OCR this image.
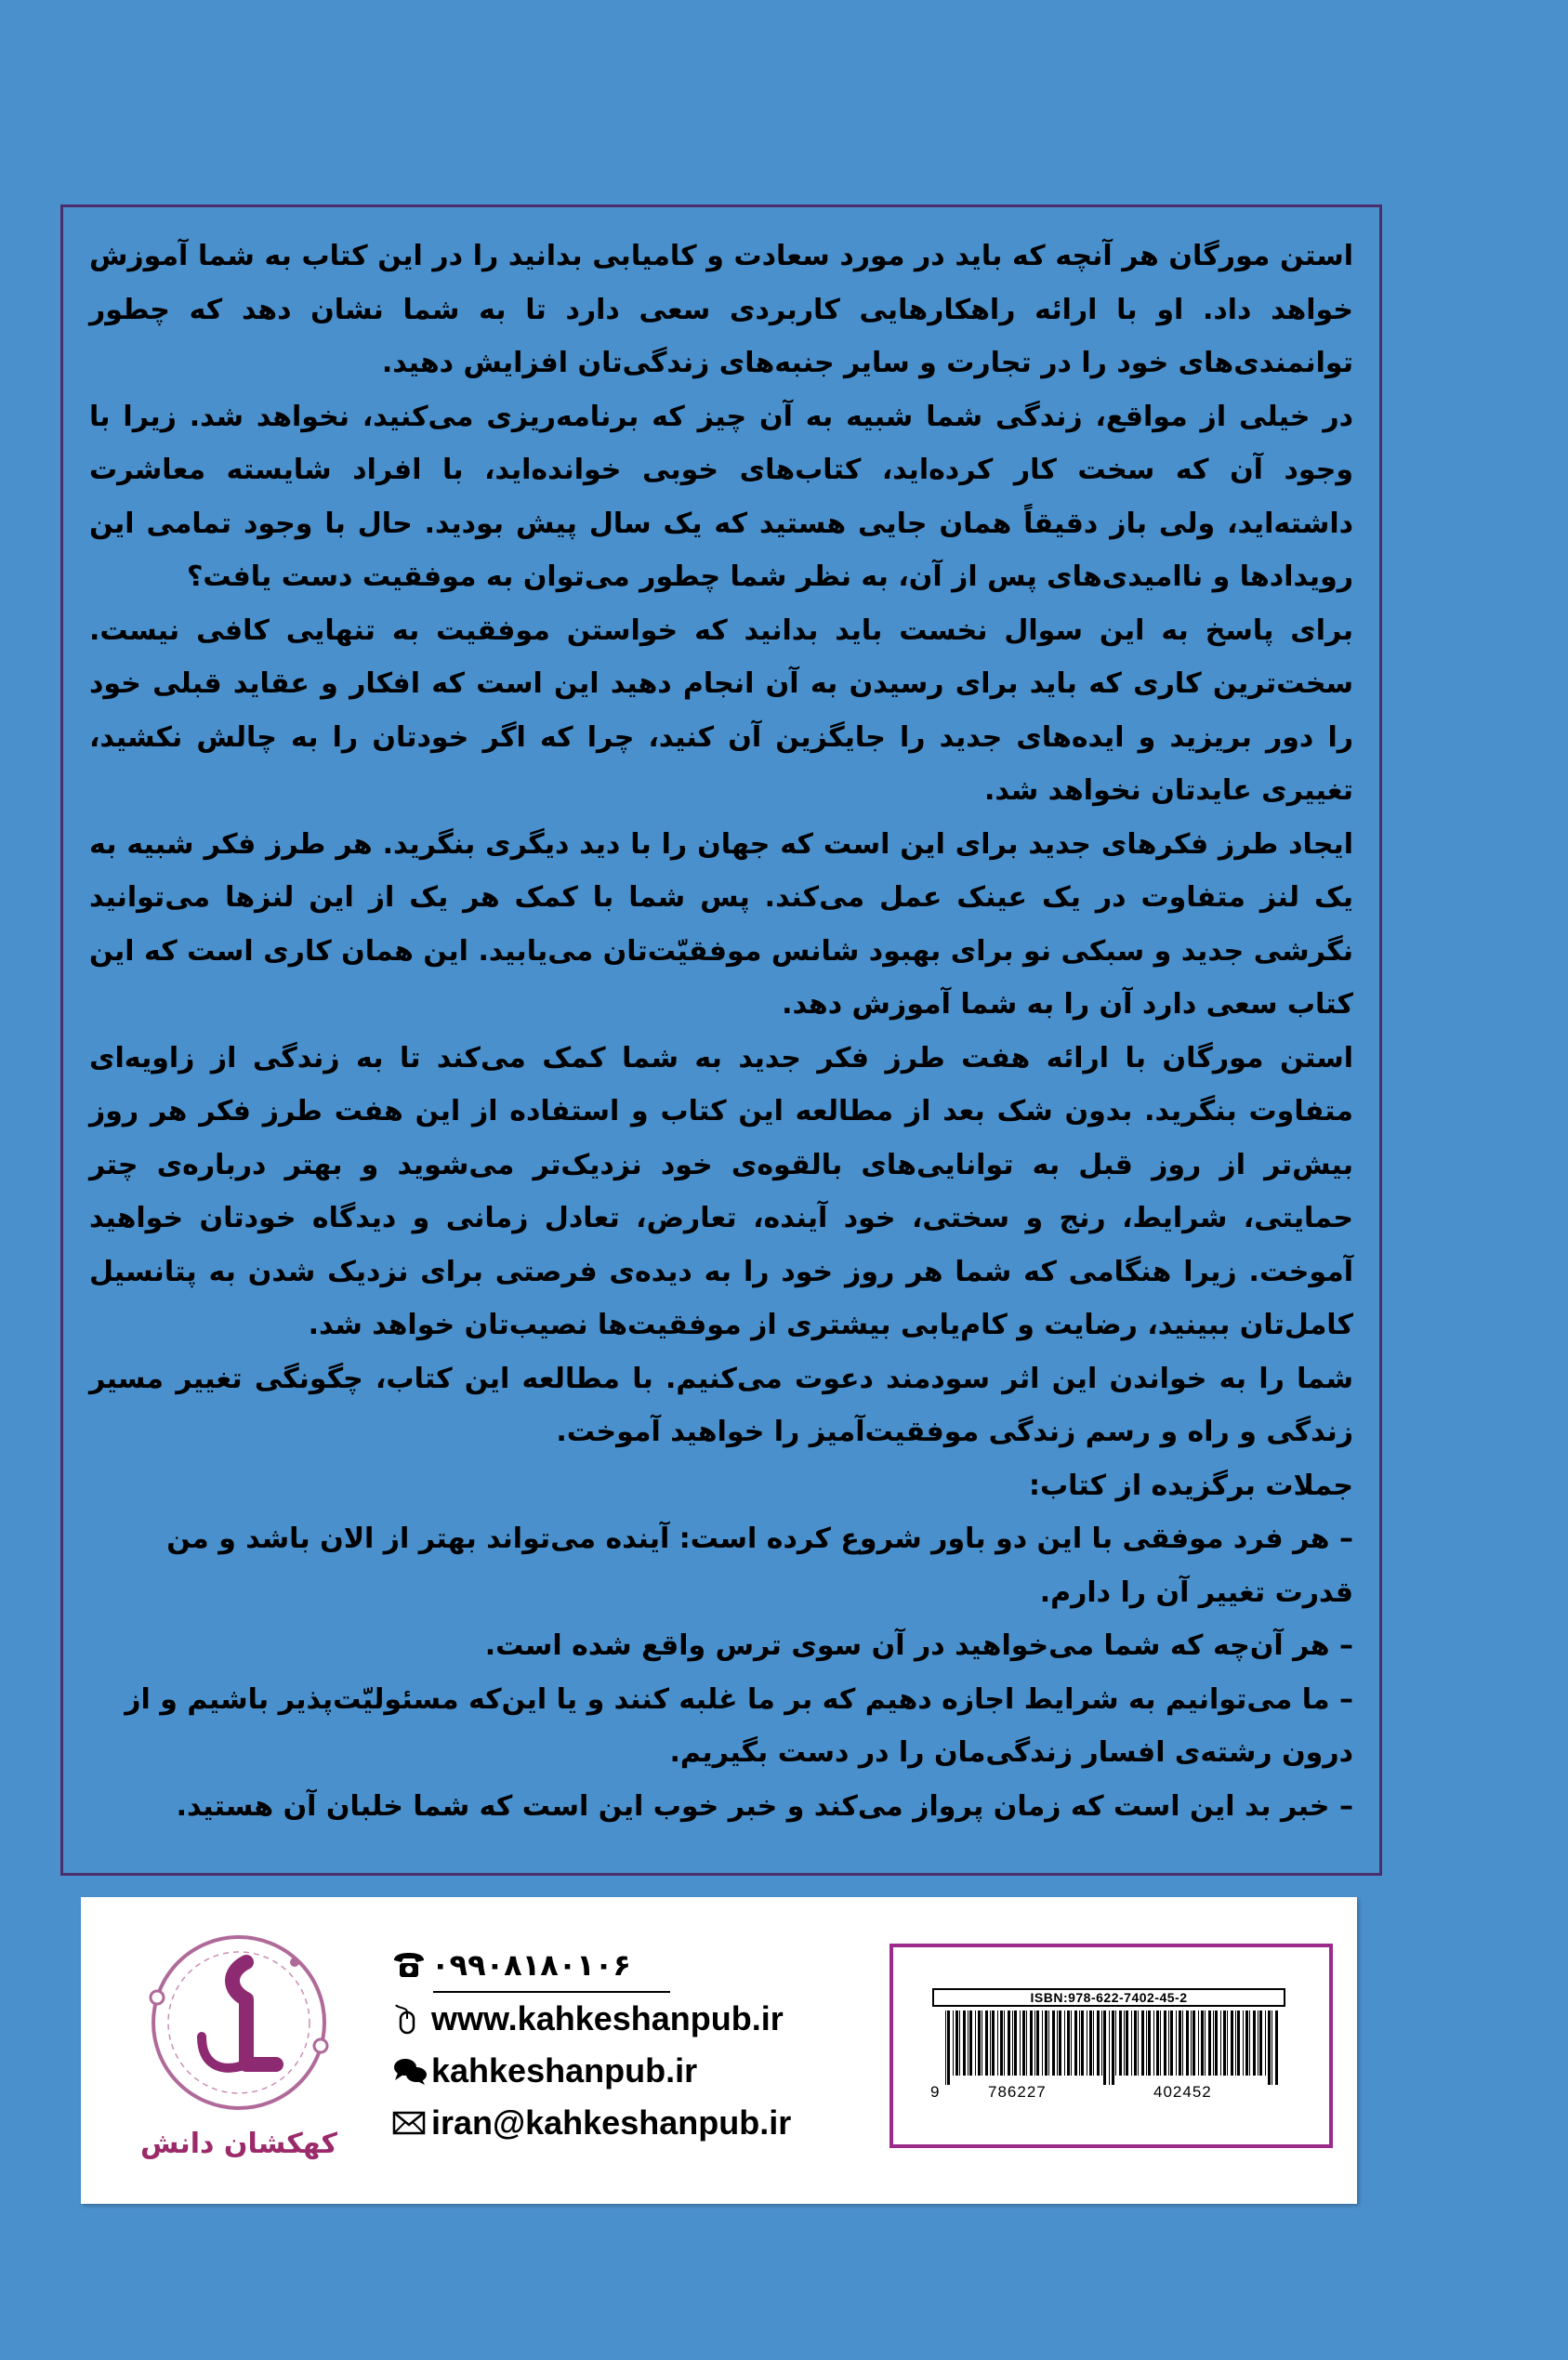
استن مورگان هر آنچه که باید در مورد سعادت و کامیابی بدانید را در این کتاب به شما آموزش خواهد داد. او با ارائه راهکارهایی کاربردی سعی دارد تا به شما نشان دهد که چطور توانمندی‌های خود را در تجارت و سایر جنبه‌های زندگی‌تان افزایش دهید.

در خیلی از مواقع، زندگی شما شبیه به آن چیز که برنامه‌ریزی می‌کنید، نخواهد شد. زیرا با وجود آن که سخت کار کرده‌اید، کتاب‌های خوبی خوانده‌اید، با افراد شایسته معاشرت داشته‌اید، ولی باز دقیقاً همان جایی هستید که یک سال پیش بودید. حال با وجود تمامی این رویدادها و ناامیدی‌های پس از آن، به نظر شما چطور می‌توان به موفقیت دست یافت؟

برای پاسخ به این سوال نخست باید بدانید که خواستن موفقیت به تنهایی کافی نیست. سخت‌ترین کاری که باید برای رسیدن به آن انجام دهید این است که افکار و عقاید قبلی خود را دور بریزید و ایده‌های جدید را جایگزین آن کنید، چرا که اگر خودتان را به چالش نکشید، تغییری عایدتان نخواهد شد.

ایجاد طرز فکرهای جدید برای این است که جهان را با دید دیگری بنگرید. هر طرز فکر شبیه به یک لنز متفاوت در یک عینک عمل می‌کند. پس شما با کمک هر یک از این لنزها می‌توانید نگرشی جدید و سبکی نو برای بهبود شانس موفقیّت‌تان می‌یابید. این همان کاری است که این کتاب سعی دارد آن را به شما آموزش دهد.

استن مورگان با ارائه هفت طرز فکر جدید به شما کمک می‌کند تا به زندگی از زاویه‌ای متفاوت بنگرید. بدون شک بعد از مطالعه این کتاب و استفاده از این هفت طرز فکر هر روز بیش‌تر از روز قبل به توانایی‌های بالقوه‌ی خود نزدیک‌تر می‌شوید و بهتر درباره‌ی چتر حمایتی، شرایط، رنج و سختی، خود آینده، تعارض، تعادل زمانی و دیدگاه خودتان خواهید آموخت. زیرا هنگامی که شما هر روز خود را به دیده‌ی فرصتی برای نزدیک شدن به پتانسیل کامل‌تان ببینید، رضایت و کام‌یابی بیشتری از موفقیت‌ها نصیب‌تان خواهد شد.

شما را به خواندن این اثر سودمند دعوت می‌کنیم. با مطالعه این کتاب، چگونگی تغییر مسیر زندگی و راه و رسم زندگی موفقیت‌آمیز را خواهید آموخت.

جملات برگزیده از کتاب:

– هر فرد موفقی با این دو باور شروع کرده است: آینده می‌تواند بهتر از الان باشد و من قدرت تغییر آن را دارم.

– هر آن‌چه که شما می‌خواهید در آن سوی ترس واقع شده است.

– ما می‌توانیم به شرایط اجازه دهیم که بر ما غلبه کنند و یا این‌که مسئولیّت‌پذیر باشیم و از درون رشته‌ی افسار زندگی‌مان را در دست بگیریم.

– خبر بد این است که زمان پرواز می‌کند و خبر خوب این است که شما خلبان آن هستید.

کهکشان دانش
۰۹۹۰۸۱۸۰۱۰۶
www.kahkeshanpub.ir
kahkeshanpub.ir
iran@kahkeshanpub.ir
ISBN:978-622-7402-45-2
9	786227	402452
